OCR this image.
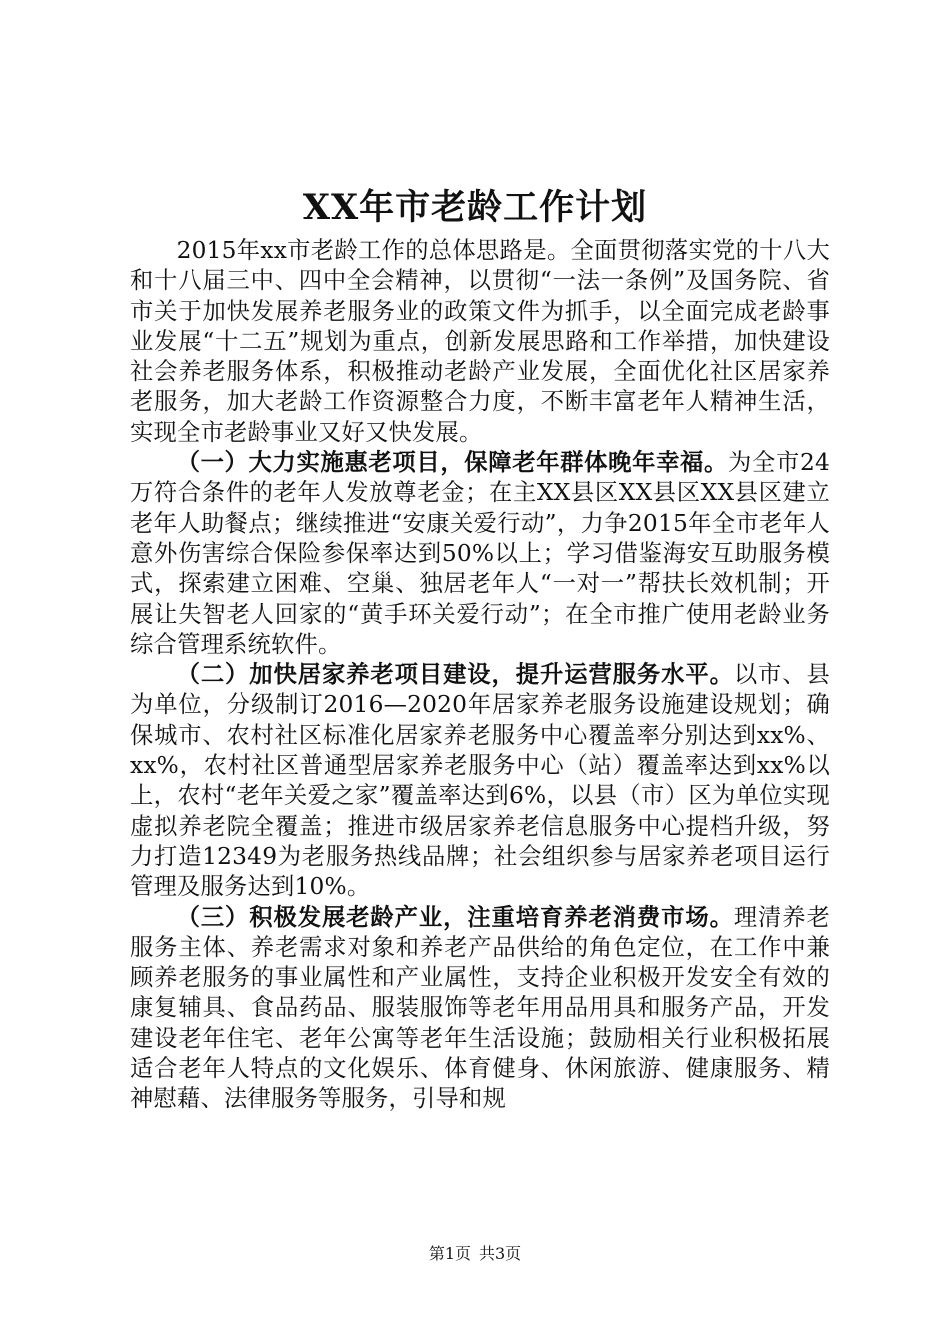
XX年市老龄工作计划

2015年xx市老龄工作的总体思路是。全面贯彻落实党的十八大和十八届三中、四中全会精神，以贯彻“一法一条例”及国务院、省市关于加快发展养老服务业的政策文件为抓手，以全面完成老龄事业发展“十二五”规划为重点，创新发展思路和工作举措，加快建设社会养老服务体系，积极推动老龄产业发展，全面优化社区居家养老服务，加大老龄工作资源整合力度，不断丰富老年人精神生活，实现全市老龄事业又好又快发展。

（一）大力实施惠老项目，保障老年群体晚年幸福。为全市24万符合条件的老年人发放尊老金；在主XX县区XX县区XX县区建立老年人助餐点；继续推进“安康关爱行动”，力争2015年全市老年人意外伤害综合保险参保率达到50%以上；学习借鉴海安互助服务模式，探索建立困难、空巢、独居老年人“一对一”帮扶长效机制；开展让失智老人回家的“黄手环关爱行动”；在全市推广使用老龄业务综合管理系统软件。

（二）加快居家养老项目建设，提升运营服务水平。以市、县为单位，分级制订2016—2020年居家养老服务设施建设规划；确保城市、农村社区标准化居家养老服务中心覆盖率分别达到xx%、xx%，农村社区普通型居家养老服务中心（站）覆盖率达到xx%以上，农村“老年关爱之家”覆盖率达到6%，以县（市）区为单位实现虚拟养老院全覆盖；推进市级居家养老信息服务中心提档升级，努力打造12349为老服务热线品牌；社会组织参与居家养老项目运行管理及服务达到10%。

（三）积极发展老龄产业，注重培育养老消费市场。理清养老服务主体、养老需求对象和养老产品供给的角色定位，在工作中兼顾养老服务的事业属性和产业属性，支持企业积极开发安全有效的康复辅具、食品药品、服装服饰等老年用品用具和服务产品，开发建设老年住宅、老年公寓等老年生活设施；鼓励相关行业积极拓展适合老年人特点的文化娱乐、体育健身、休闲旅游、健康服务、精神慰藉、法律服务等服务，引导和规

第1页 共3页
